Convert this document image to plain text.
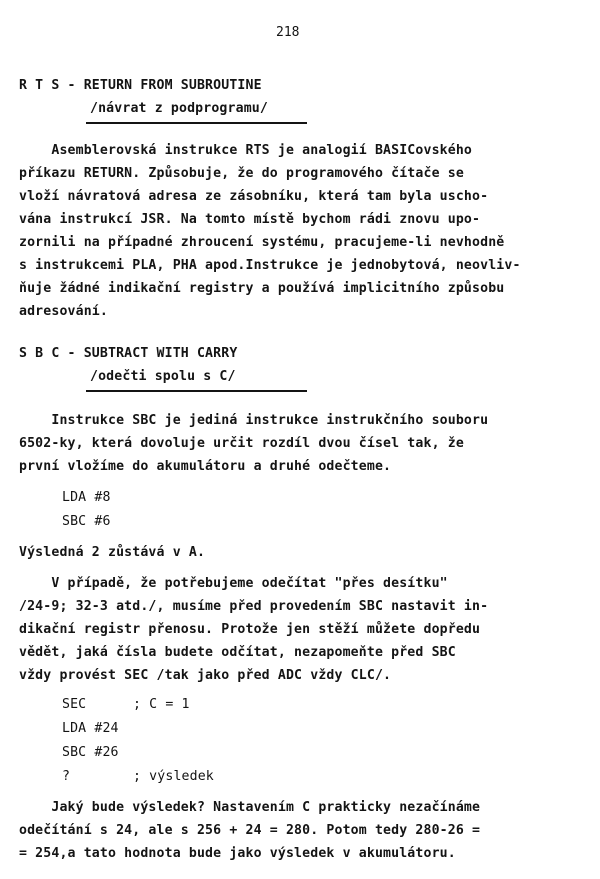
218
R T S - RETURN FROM SUBROUTINE
/návrat z podprogramu/
Asemblerovská instrukce RTS je analogií BASICovského
příkazu RETURN. Způsobuje, že do programového čítače se
vloží návratová adresa ze zásobníku, která tam byla uscho-
vána instrukcí JSR. Na tomto místě bychom rádi znovu upo-
zornili na případné zhroucení systému, pracujeme-li nevhodně
s instrukcemi PLA, PHA apod.Instrukce je jednobytová, neovliv-
ňuje žádné indikační registry a používá implicitního způsobu
adresování.
S B C - SUBTRACT WITH CARRY
/odečti spolu s C/
Instrukce SBC je jediná instrukce instrukčního souboru
6502-ky, která dovoluje určit rozdíl dvou čísel tak, že
první vložíme do akumulátoru a druhé odečteme.
LDA #8
SBC #6
Výsledná 2 zůstává v A.
V případě, že potřebujeme odečítat "přes desítku"
/24-9; 32-3 atd./, musíme před provedením SBC nastavit in-
dikační registr přenosu. Protože jen stěží můžete dopředu
vědět, jaká čísla budete odčítat, nezapomeňte před SBC
vždy provést SEC /tak jako před ADC vždy CLC/.
SEC	; C = 1
LDA #24
SBC #26
?	; výsledek
Jaký bude výsledek? Nastavením C prakticky nezačínáme
odečítání s 24, ale s 256 + 24 = 280. Potom tedy 280-26 =
= 254,a tato hodnota bude jako výsledek v akumulátoru.
